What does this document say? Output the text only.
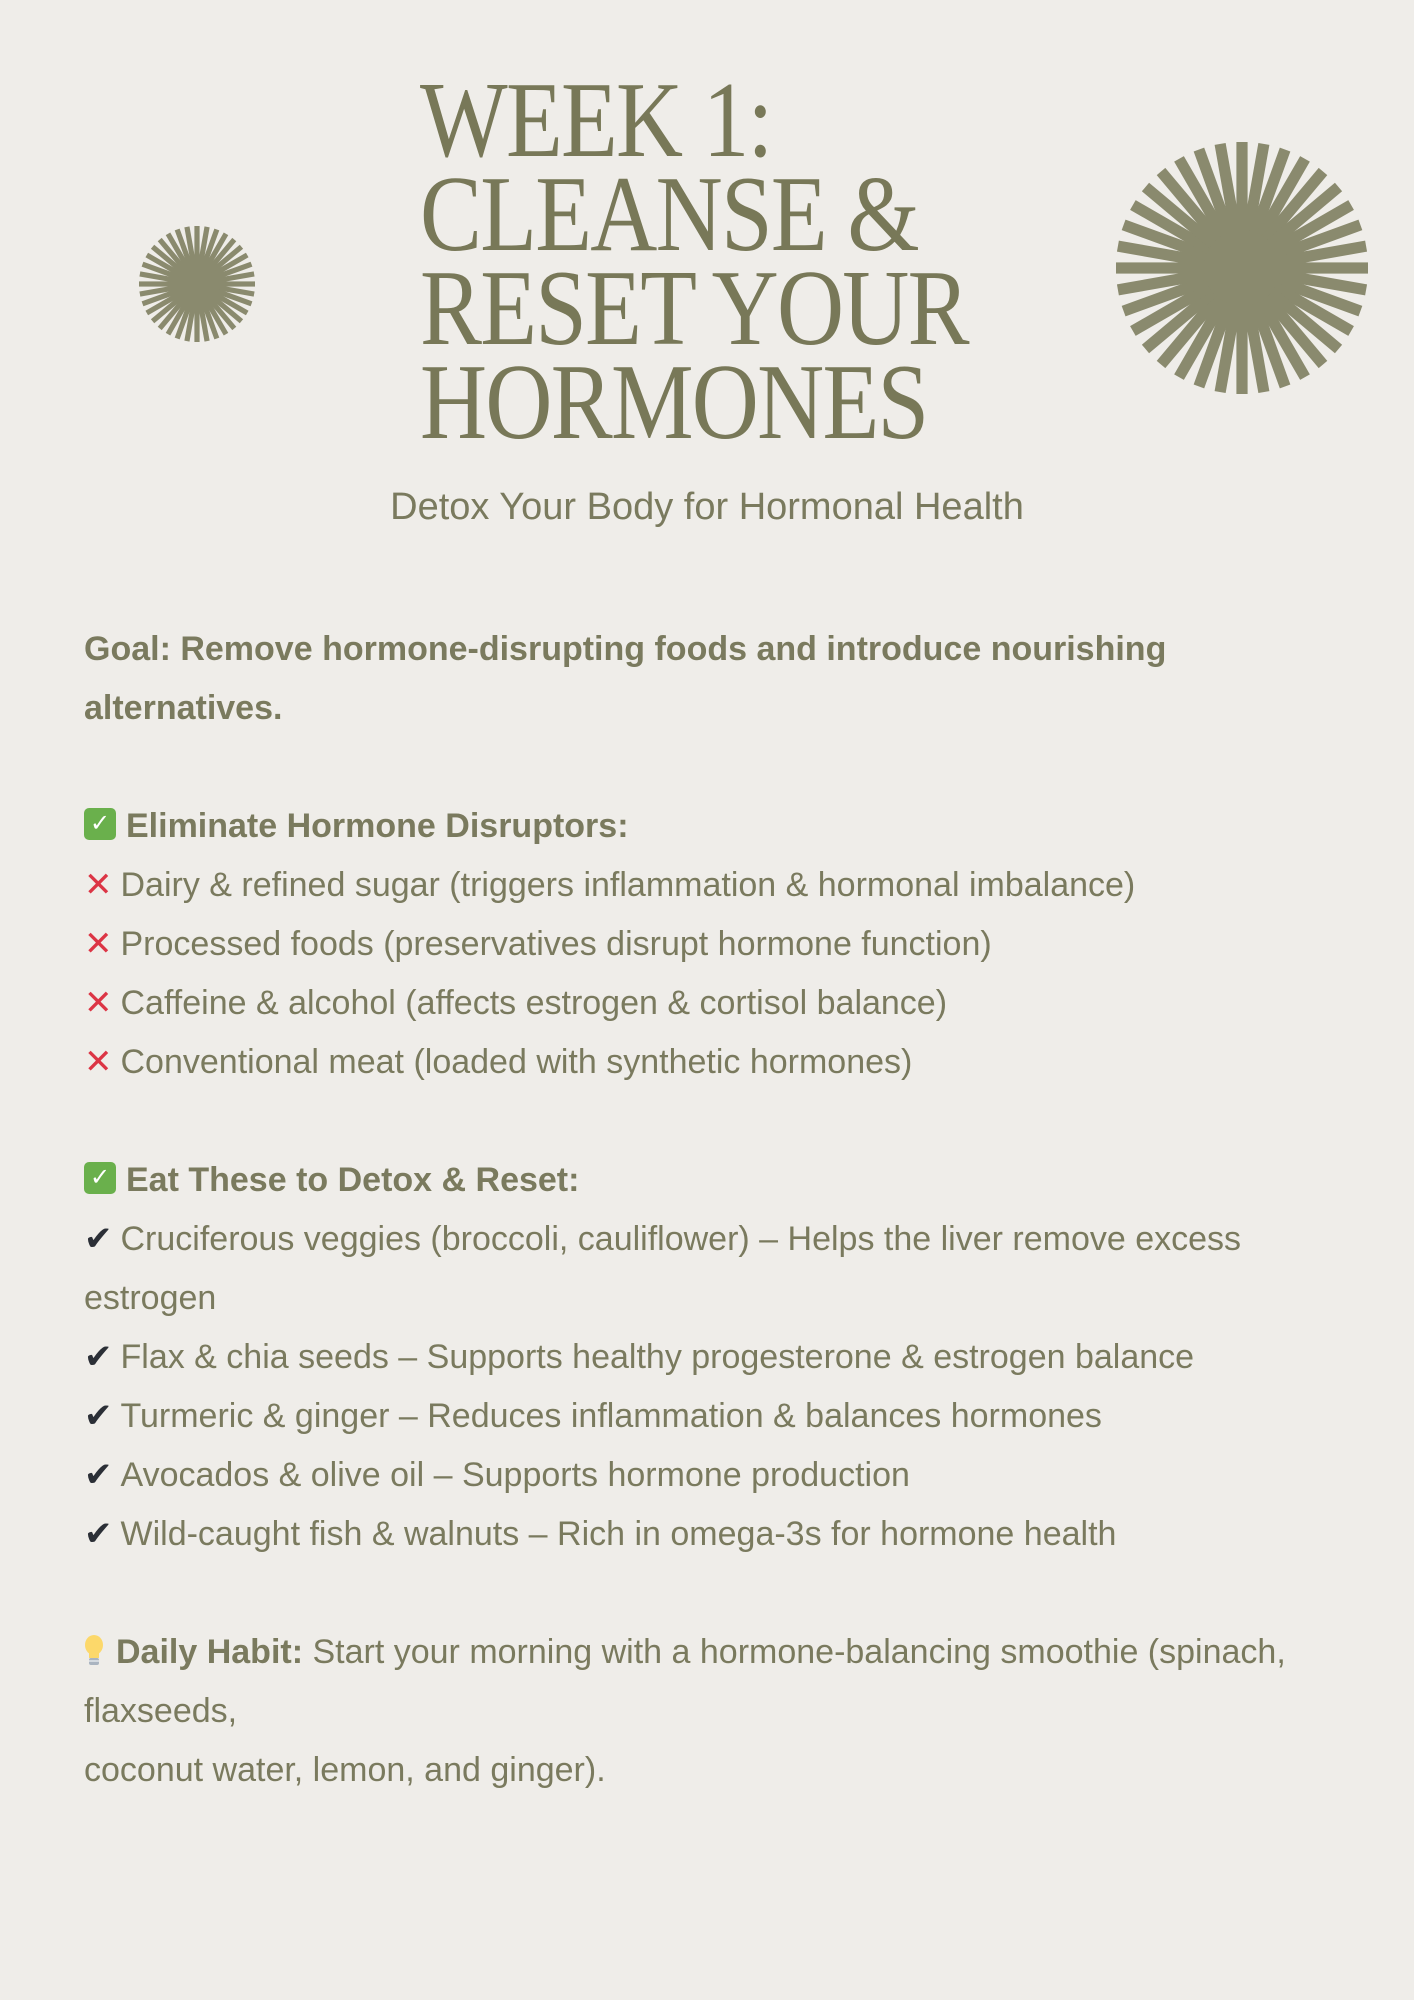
WEEK 1:
CLEANSE &
RESET YOUR
HORMONES
Detox Your Body for Hormonal Health

Goal: Remove hormone-disrupting foods and introduce nourishing alternatives.

✓ Eliminate Hormone Disruptors:
✕ Dairy & refined sugar (triggers inflammation & hormonal imbalance)
✕ Processed foods (preservatives disrupt hormone function)
✕ Caffeine & alcohol (affects estrogen & cortisol balance)
✕ Conventional meat (loaded with synthetic hormones)
✓ Eat These to Detox & Reset:
✔ Cruciferous veggies (broccoli, cauliflower) – Helps the liver remove excess estrogen
✔ Flax & chia seeds – Supports healthy progesterone & estrogen balance
✔ Turmeric & ginger – Reduces inflammation & balances hormones
✔ Avocados & olive oil – Supports hormone production
✔ Wild-caught fish & walnuts – Rich in omega-3s for hormone health
Daily Habit: Start your morning with a hormone-balancing smoothie (spinach, flaxseeds,
coconut water, lemon, and ginger).
